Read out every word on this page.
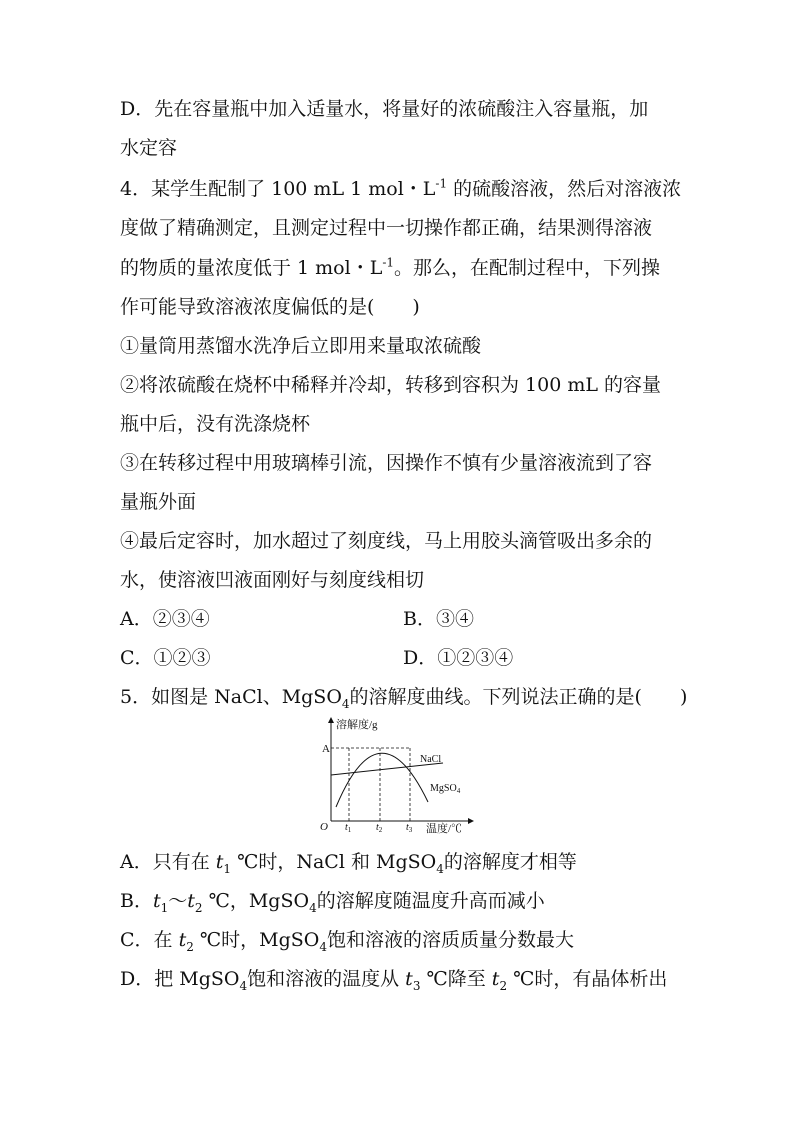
D．先在容量瓶中加入适量水，将量好的浓硫酸注入容量瓶，加

水定容

4．某学生配制了 100 mL 1 mol・$L^{-1}$ 的硫酸溶液，然后对溶液浓

度做了精确测定，且测定过程中一切操作都正确，结果测得溶液

的物质的量浓度低于 1 mol・$L^{-1}$。那么，在配制过程中，下列操

作可能导致溶液浓度偏低的是(　　)

①量筒用蒸馏水洗净后立即用来量取浓硫酸

②将浓硫酸在烧杯中稀释并冷却，转移到容积为 100 mL 的容量

瓶中后，没有洗涤烧杯

③在转移过程中用玻璃棒引流，因操作不慎有少量溶液流到了容

量瓶外面

④最后定容时，加水超过了刻度线，马上用胶头滴管吸出多余的

水，使溶液凹液面刚好与刻度线相切

A．②③④	B．③④
C．①②③	D．①②③④

5．如图是 NaCl、MgSO$_4$的溶解度曲线。下列说法正确的是(　　)

溶解度/g
温度/℃
O
A
NaCl
MgSO$_4$
$t_1$ $t_2$ $t_3$

A．只有在 $t_1$ ℃时，NaCl 和 MgSO$_4$的溶解度才相等

B．$t_1\sim t_2$ ℃，MgSO$_4$的溶解度随温度升高而减小

C．在 $t_2$ ℃时，MgSO$_4$饱和溶液的溶质质量分数最大

D．把 MgSO$_4$饱和溶液的温度从 $t_3$ ℃降至 $t_2$ ℃时，有晶体析出
